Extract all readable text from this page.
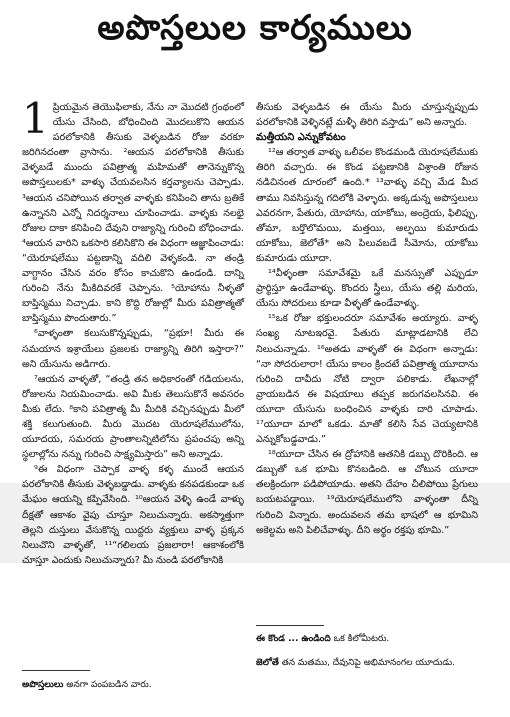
అపొస్తలుల కార్యములు

1 ప్రియమైన తెయొఫిలాకు, నేను నా మొదటి గ్రంథంలో యేసు చేసింది, బోధించింది మొదలుకొని ఆయన పరలోకానికి తీసుకు వెళ్ళబడిన రోజు వరకూ జరిగినదంతా వ్రాసాను. ²ఆయన పరలోకానికి తీసుకు వెళ్ళబడే ముందు పవిత్రాత్మ మహిమతో తానెన్నుకొన్న అపొస్తలులకు* వాళ్ళు చేయవలసిన కర్తవ్యాలను చెప్పాడు. ³ఆయన చనిపోయిన తర్వాత వాళ్ళకు కనిపించి తాను బ్రతికే ఉన్నానని ఎన్నో నిదర్శనాలు చూపించాడు. వాళ్ళకు నలభై రోజుల దాకా కనిపించి దేవుని రాజ్యాన్ని గురించి బోధించాడు. ⁴ఆయన వారిని ఒకసారి కలిసికొని ఈ విధంగా ఆజ్ఞాపించాడు: “యెరూషలేము పట్టణాన్ని వదిలి వెళ్ళకండి. నా తండ్రి వాగ్దానం చేసిన వరం కోసం కాచుకొని ఉండండి. దాన్ని గురించి నేను మీకిదివరకే చెప్పాను. ⁵యోహాను నీళ్ళతో బాప్తిస్మము నిచ్చాడు. కాని కొద్ది రోజుల్లో మీరు పవిత్రాత్మతో బాప్తిస్మము పొందుతారు.”

⁶వాళ్ళంతా కలుసుకొన్నప్పుడు, “ప్రభూ! మీరు ఈ సమయాన ఇశ్రాయేలు ప్రజలకు రాజ్యాన్ని తిరిగి ఇస్తారా?” అని యేసును అడిగారు.

⁷ఆయన వాళ్ళతో, “తండ్రి తన అధికారంతో గడియలను, రోజులను నియమించాడు. అవి మీకు తెలుసుకొనే అవసరం మీకు లేదు. ⁸కాని పవిత్రాత్మ మీ మీదికి వచ్చినప్పుడు మీలో శక్తి కలుగుతుంది. మీరు మొదట యెరూషలేములోను, యూదయ, సమరయ ప్రాంతాలన్నిటిలోను ప్రపంచపు అన్ని స్థలాల్లోను నన్ను గురించి సాక్ష్యమిస్తారు” అని అన్నాడు.

⁹ఈ విధంగా చెప్పాక వాళ్ళ కళ్ళ ముందే ఆయన పరలోకానికి తీసుకు వెళ్ళబడ్డాడు. వాళ్ళకు కనపడకుండా ఒక మేఘం ఆయన్ని కప్పివేసింది. ¹⁰ఆయన వెళ్ళి ఉండే వాళ్ళు దీక్షతో ఆకాశం వైపు చూస్తూ నిలుచున్నారు. అకస్మాత్తుగా తెల్లని దుస్తులు వేసుకొన్న యిద్దరు వ్యక్తులు వాళ్ళ ప్రక్కన నిలుచొని వాళ్ళతో, ¹¹“గలిలయ ప్రజలారా! ఆకాశంలోకి చూస్తూ ఎందుకు నిలుచున్నారు? మీ నుండి పరలోకానికి

తీసుకు వెళ్ళబడిన ఈ యేసు మీరు చూస్తున్నప్పుడు పరలోకానికి వెళ్ళినట్లే మళ్ళీ తిరిగి వస్తాడు” అని అన్నారు.

మత్తీయని ఎన్నుకోవటం

¹²ఆ తర్వాత వాళ్ళు ఒలీవల కొండమండి యెరూషలేముకు తిరిగి వచ్చారు. ఈ కొండ పట్టణానికి విశ్రాంతి రోజున నడిచినంత దూరంలో ఉంది.* ¹³వాళ్ళు వచ్చి మేడ మీద తాము నివసిస్తున్న గదిలోకి వెళ్ళారు. అక్కడున్న అపొస్తలులు ఎవరనగా, పేతురు, యోహాను, యాకోబు, అంద్రెయ, ఫిలిప్పు, తోమా, బర్తొలొమయి, మత్తయి, అల్ఫయి కుమారుడు యాకోబు, జెలోతే* అని పిలువబడే సీమోను, యాకోబు కుమారుడు యూదా.

¹⁴వీళ్ళంతా సమావేశమై ఒకే మనస్సుతో ఎప్పుడూ ప్రార్థిస్తూ ఉండేవాళ్ళు. కొందరు స్త్రీలు, యేసు తల్లి మరియ, యేసు సోదరులు కూడా వీళ్ళతో ఉండేవాళ్ళు.

¹⁵ఒక రోజు భక్తులందరూ సమావేశం అయ్యారు. వాళ్ళ సంఖ్య నూటఇరవై. పేతురు మాట్లాడటానికి లేచి నిలుచున్నాడు. ¹⁶అతడు వాళ్ళతో ఈ విధంగా అన్నాడు: “నా సోదరులారా! యేసు కాలం క్రిందటే పవిత్రాత్మ యూదాను గురించి దావీదు నోటి ద్వారా పలికాడు. లేఖనాల్లో వ్రాయబడిన ఈ విషయాలు తప్పక జరుగవలసినవి. ఈ యూదా యేసును బంధించిన వాళ్ళకు దారి చూపాడు. ¹⁷యూదా మాలో ఒకడు. మాతో కలిసి సేవ చెయ్యటానికి ఎన్నుకోబడ్డవాడు.”

¹⁸యూదా చేసిన ఈ ద్రోహానికి ఆతనికి డబ్బు దొరికింది. ఆ డబ్బుతో ఒక భూమి కొనబడింది. ఆ చోటున యూదా తలక్రిందుగా పడిపోయాడు. అతని దేహం చీలిపోయి ప్రేగులు బయటపడ్డాయి. ¹⁹యెరూషలేములోని వాళ్ళంతా దీన్ని గురించి విన్నారు. అందువలన తమ భాషలో ఆ భూమిని అకెల్దమ అని పిలిచేవాళ్ళు. దీని అర్థం రక్తపు భూమి.”

ఈ కొండ ... ఉండింది ఒక కిలోమీటరు.
జెలోతే తన మతము, దేవునిపై అభిమానంగల యూదుడు.
అపొస్తలులు అనగా పంపబడిన వారు.
